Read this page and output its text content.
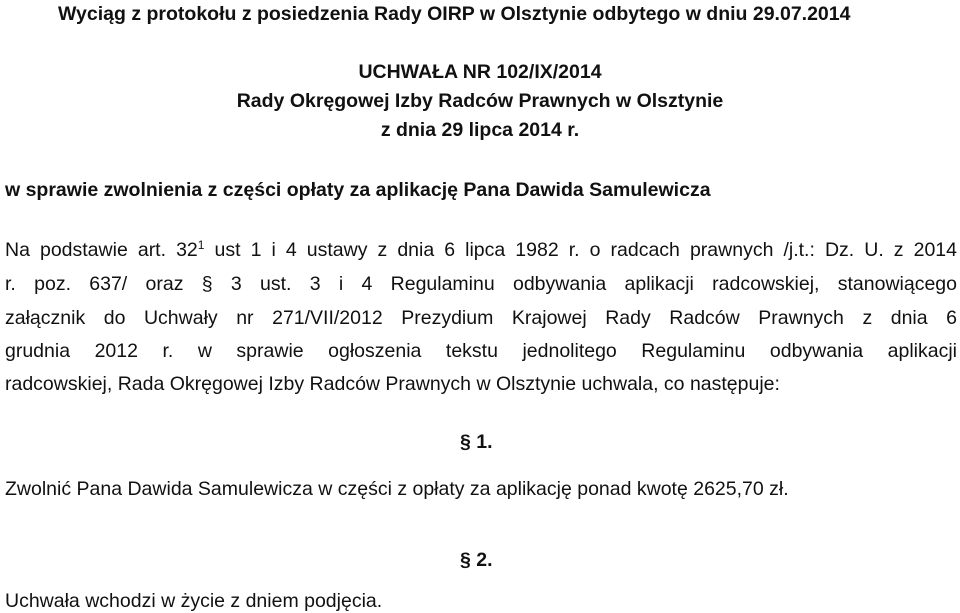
Wyciąg z protokołu z posiedzenia Rady OIRP w Olsztynie odbytego w dniu 29.07.2014
UCHWAŁA NR 102/IX/2014
Rady Okręgowej Izby Radców Prawnych w Olsztynie
z dnia 29 lipca 2014 r.
w sprawie zwolnienia z części opłaty za aplikację Pana Dawida Samulewicza
Na podstawie art. $32^1$ ust 1 i 4 ustawy z dnia 6 lipca 1982 r. o radcach prawnych /j.t.: Dz. U. z 2014
r. poz. 637/ oraz § 3 ust. 3 i 4 Regulaminu odbywania aplikacji radcowskiej, stanowiącego
załącznik do Uchwały nr 271/VII/2012 Prezydium Krajowej Rady Radców Prawnych z dnia 6
grudnia 2012 r. w sprawie ogłoszenia tekstu jednolitego Regulaminu odbywania aplikacji
radcowskiej, Rada Okręgowej Izby Radców Prawnych w Olsztynie uchwala, co następuje:
§ 1.
Zwolnić Pana Dawida Samulewicza w części z opłaty za aplikację ponad kwotę 2625,70 zł.
§ 2.
Uchwała wchodzi w życie z dniem podjęcia.
